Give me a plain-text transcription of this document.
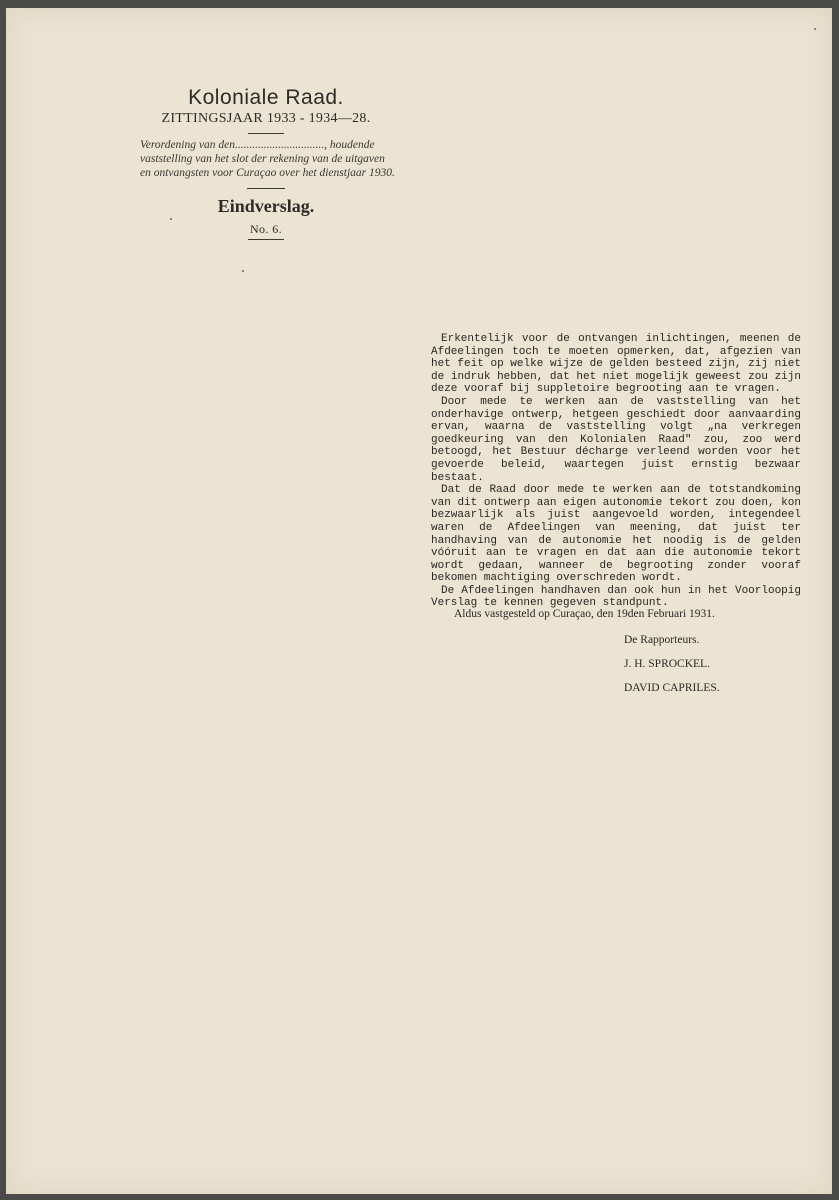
Koloniale Raad.
ZITTINGSJAAR 1933 - 1934—28.
Verordening van den..............................., houdende vaststelling van het slot der rekening van de uitgaven en ontvangsten voor Curaçao over het dienstjaar 1930.
Eindverslag.
No. 6.

Erkentelijk voor de ontvangen inlichtingen, meenen de Afdeelingen toch te moeten opmerken, dat, afgezien van het feit op welke wijze de gelden besteed zijn, zij niet de indruk hebben, dat het niet mogelijk geweest zou zijn deze vooraf bij suppletoire begrooting aan te vragen.

Door mede te werken aan de vaststelling van het onderhavige ontwerp, hetgeen geschiedt door aanvaarding ervan, waarna de vaststelling volgt „na verkregen goedkeuring van den Kolonialen Raad" zou, zoo werd betoogd, het Bestuur décharge verleend worden voor het gevoerde beleid, waartegen juist ernstig bezwaar bestaat.

Dat de Raad door mede te werken aan de totstandkoming van dit ontwerp aan eigen autonomie tekort zou doen, kon bezwaarlijk als juist aangevoeld worden, integendeel waren de Afdeelingen van meening, dat juist ter handhaving van de autonomie het noodig is de gelden vóóruit aan te vragen en dat aan die autonomie tekort wordt gedaan, wanneer de begrooting zonder vooraf bekomen machtiging overschreden wordt.

De Afdeelingen handhaven dan ook hun in het Voorloopig Verslag te kennen gegeven standpunt.

Aldus vastgesteld op Curaçao, den 19den Februari 1931.
De Rapporteurs.
J. H. SPROCKEL.
DAVID CAPRILES.
